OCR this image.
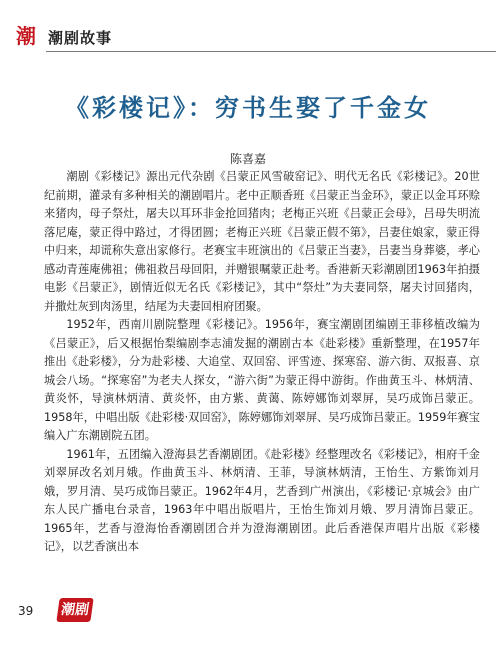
潮 潮剧故事
《彩楼记》：穷书生娶了千金女
陈喜嘉

潮剧《彩楼记》源出元代杂剧《吕蒙正风雪破窑记》、明代无名氏《彩楼记》。20世纪前期，灌录有多种相关的潮剧唱片。老中正顺香班《吕蒙正当金环》，蒙正以金耳环赊来猪肉，母子祭灶，屠夫以耳环非金抢回猪肉；老梅正兴班《吕蒙正会母》，吕母失明流落尼庵，蒙正得中路过，才得团圆；老梅正兴班《吕蒙正假不第》，吕妻住娘家，蒙正得中归来，却谎称失意出家修行。老赛宝丰班演出的《吕蒙正当妻》，吕妻当身葬婆，孝心感动青莲庵佛祖；佛祖救吕母回阳，并赠银嘱蒙正赴考。香港新天彩潮剧团1963年拍摄电影《吕蒙正》，剧情近似无名氏《彩楼记》，其中“祭灶”为夫妻同祭，屠夫讨回猪肉，并撒灶灰到肉汤里，结尾为夫妻回相府团聚。

1952年，西南川剧院整理《彩楼记》。1956年，赛宝潮剧团编剧王菲移植改编为《吕蒙正》，后又根据怡梨编剧李志浦发掘的潮剧古本《赴彩楼》重新整理，在1957年推出《赴彩楼》，分为赴彩楼、大追堂、双回窑、评雪迹、探寒窑、游六街、双报喜、京城会八场。“探寒窑”为老夫人探女，“游六街”为蒙正得中游街。作曲黄玉斗、林炳清、黄炎怀，导演林炳清、黄炎怀，由方紫、黄蔼、陈婷娜饰刘翠屏，吴巧成饰吕蒙正。1958年，中唱出版《赴彩楼·双回窑》，陈婷娜饰刘翠屏、吴巧成饰吕蒙正。1959年赛宝编入广东潮剧院五团。

1961年，五团编入澄海县艺香潮剧团。《赴彩楼》经整理改名《彩楼记》，相府千金刘翠屏改名刘月娥。作曲黄玉斗、林炳清、王菲，导演林炳清，王怡生、方紫饰刘月娥，罗月清、吴巧成饰吕蒙正。1962年4月，艺香到广州演出，《彩楼记·京城会》由广东人民广播电台录音，1963年中唱出版唱片，王怡生饰刘月娥、罗月清饰吕蒙正。1965年，艺香与澄海怡香潮剧团合并为澄海潮剧团。此后香港保声唱片出版《彩楼记》，以艺香演出本

39 潮剧
